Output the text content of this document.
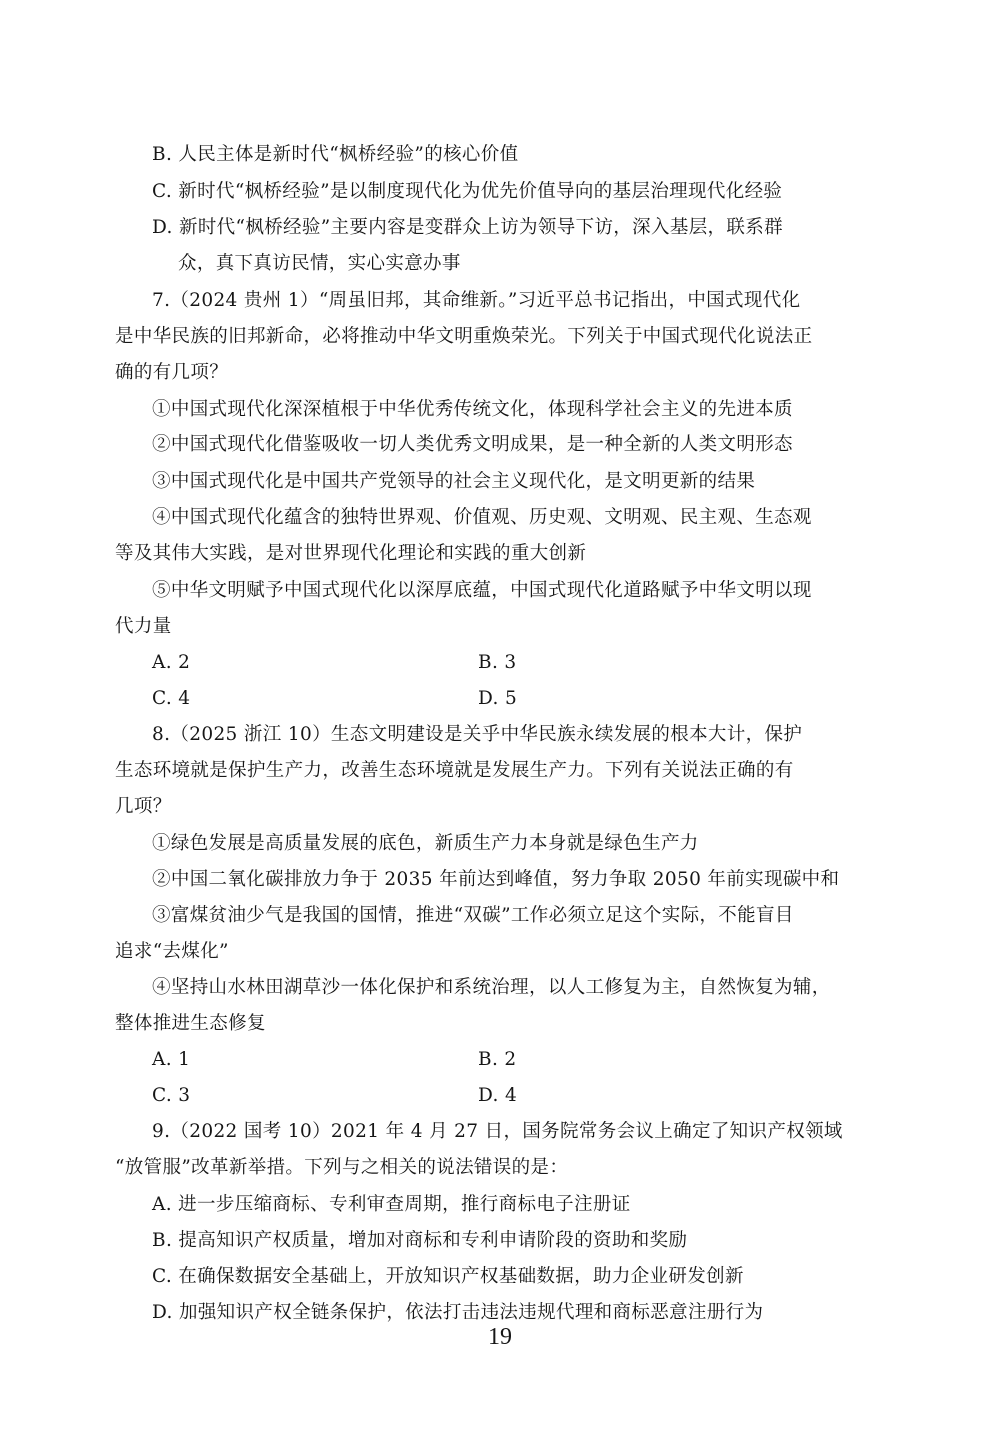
B. 人民主体是新时代“枫桥经验”的核心价值

C. 新时代“枫桥经验”是以制度现代化为优先价值导向的基层治理现代化经验

D. 新时代“枫桥经验”主要内容是变群众上访为领导下访，深入基层，联系群

众，真下真访民情，实心实意办事

7.（2024 贵州 1）“周虽旧邦，其命维新。”习近平总书记指出，中国式现代化

是中华民族的旧邦新命，必将推动中华文明重焕荣光。下列关于中国式现代化说法正

确的有几项？

①中国式现代化深深植根于中华优秀传统文化，体现科学社会主义的先进本质

②中国式现代化借鉴吸收一切人类优秀文明成果，是一种全新的人类文明形态

③中国式现代化是中国共产党领导的社会主义现代化，是文明更新的结果

④中国式现代化蕴含的独特世界观、价值观、历史观、文明观、民主观、生态观

等及其伟大实践，是对世界现代化理论和实践的重大创新

⑤中华文明赋予中国式现代化以深厚底蕴，中国式现代化道路赋予中华文明以现

代力量

A. 2	B. 3

C. 4	D. 5

8.（2025 浙江 10）生态文明建设是关乎中华民族永续发展的根本大计，保护

生态环境就是保护生产力，改善生态环境就是发展生产力。下列有关说法正确的有

几项？

①绿色发展是高质量发展的底色，新质生产力本身就是绿色生产力

②中国二氧化碳排放力争于 2035 年前达到峰值，努力争取 2050 年前实现碳中和

③富煤贫油少气是我国的国情，推进“双碳”工作必须立足这个实际，不能盲目

追求“去煤化”

④坚持山水林田湖草沙一体化保护和系统治理，以人工修复为主，自然恢复为辅，

整体推进生态修复

A. 1	B. 2

C. 3	D. 4

9.（2022 国考 10）2021 年 4 月 27 日，国务院常务会议上确定了知识产权领域

“放管服”改革新举措。下列与之相关的说法错误的是：

A. 进一步压缩商标、专利审查周期，推行商标电子注册证

B. 提高知识产权质量，增加对商标和专利申请阶段的资助和奖励

C. 在确保数据安全基础上，开放知识产权基础数据，助力企业研发创新

D. 加强知识产权全链条保护，依法打击违法违规代理和商标恶意注册行为

19
